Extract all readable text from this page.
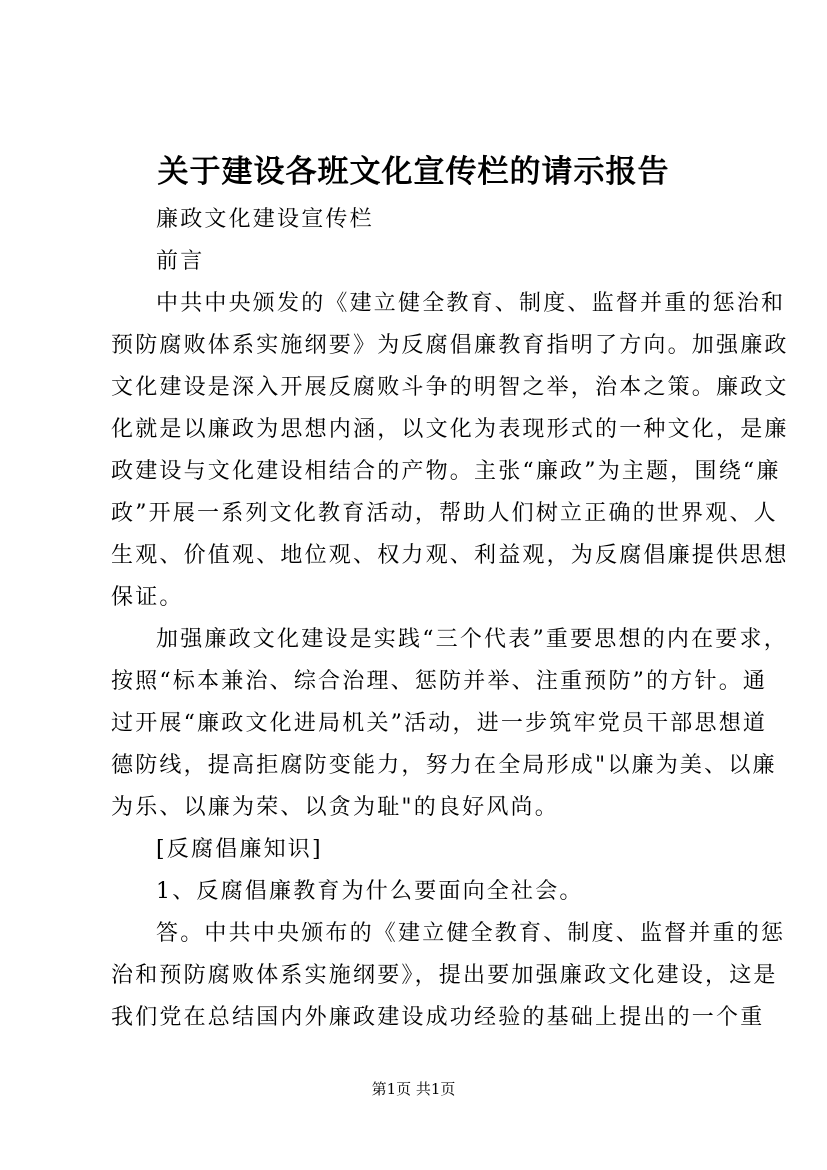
关于建设各班文化宣传栏的请示报告
廉政文化建设宣传栏
前言
中共中央颁发的《建立健全教育、制度、监督并重的惩治和
预防腐败体系实施纲要》为反腐倡廉教育指明了方向。加强廉政
文化建设是深入开展反腐败斗争的明智之举，治本之策。廉政文
化就是以廉政为思想内涵，以文化为表现形式的一种文化，是廉
政建设与文化建设相结合的产物。主张“廉政”为主题，围绕“廉
政”开展一系列文化教育活动，帮助人们树立正确的世界观、人
生观、价值观、地位观、权力观、利益观，为反腐倡廉提供思想
保证。
加强廉政文化建设是实践“三个代表”重要思想的内在要求，
按照“标本兼治、综合治理、惩防并举、注重预防”的方针。通
过开展“廉政文化进局机关”活动，进一步筑牢党员干部思想道
德防线，提高拒腐防变能力，努力在全局形成"以廉为美、以廉
为乐、以廉为荣、以贪为耻"的良好风尚。
[反腐倡廉知识]
1、反腐倡廉教育为什么要面向全社会。
答。中共中央颁布的《建立健全教育、制度、监督并重的惩
治和预防腐败体系实施纲要》，提出要加强廉政文化建设，这是
我们党在总结国内外廉政建设成功经验的基础上提出的一个重
第1页 共1页
